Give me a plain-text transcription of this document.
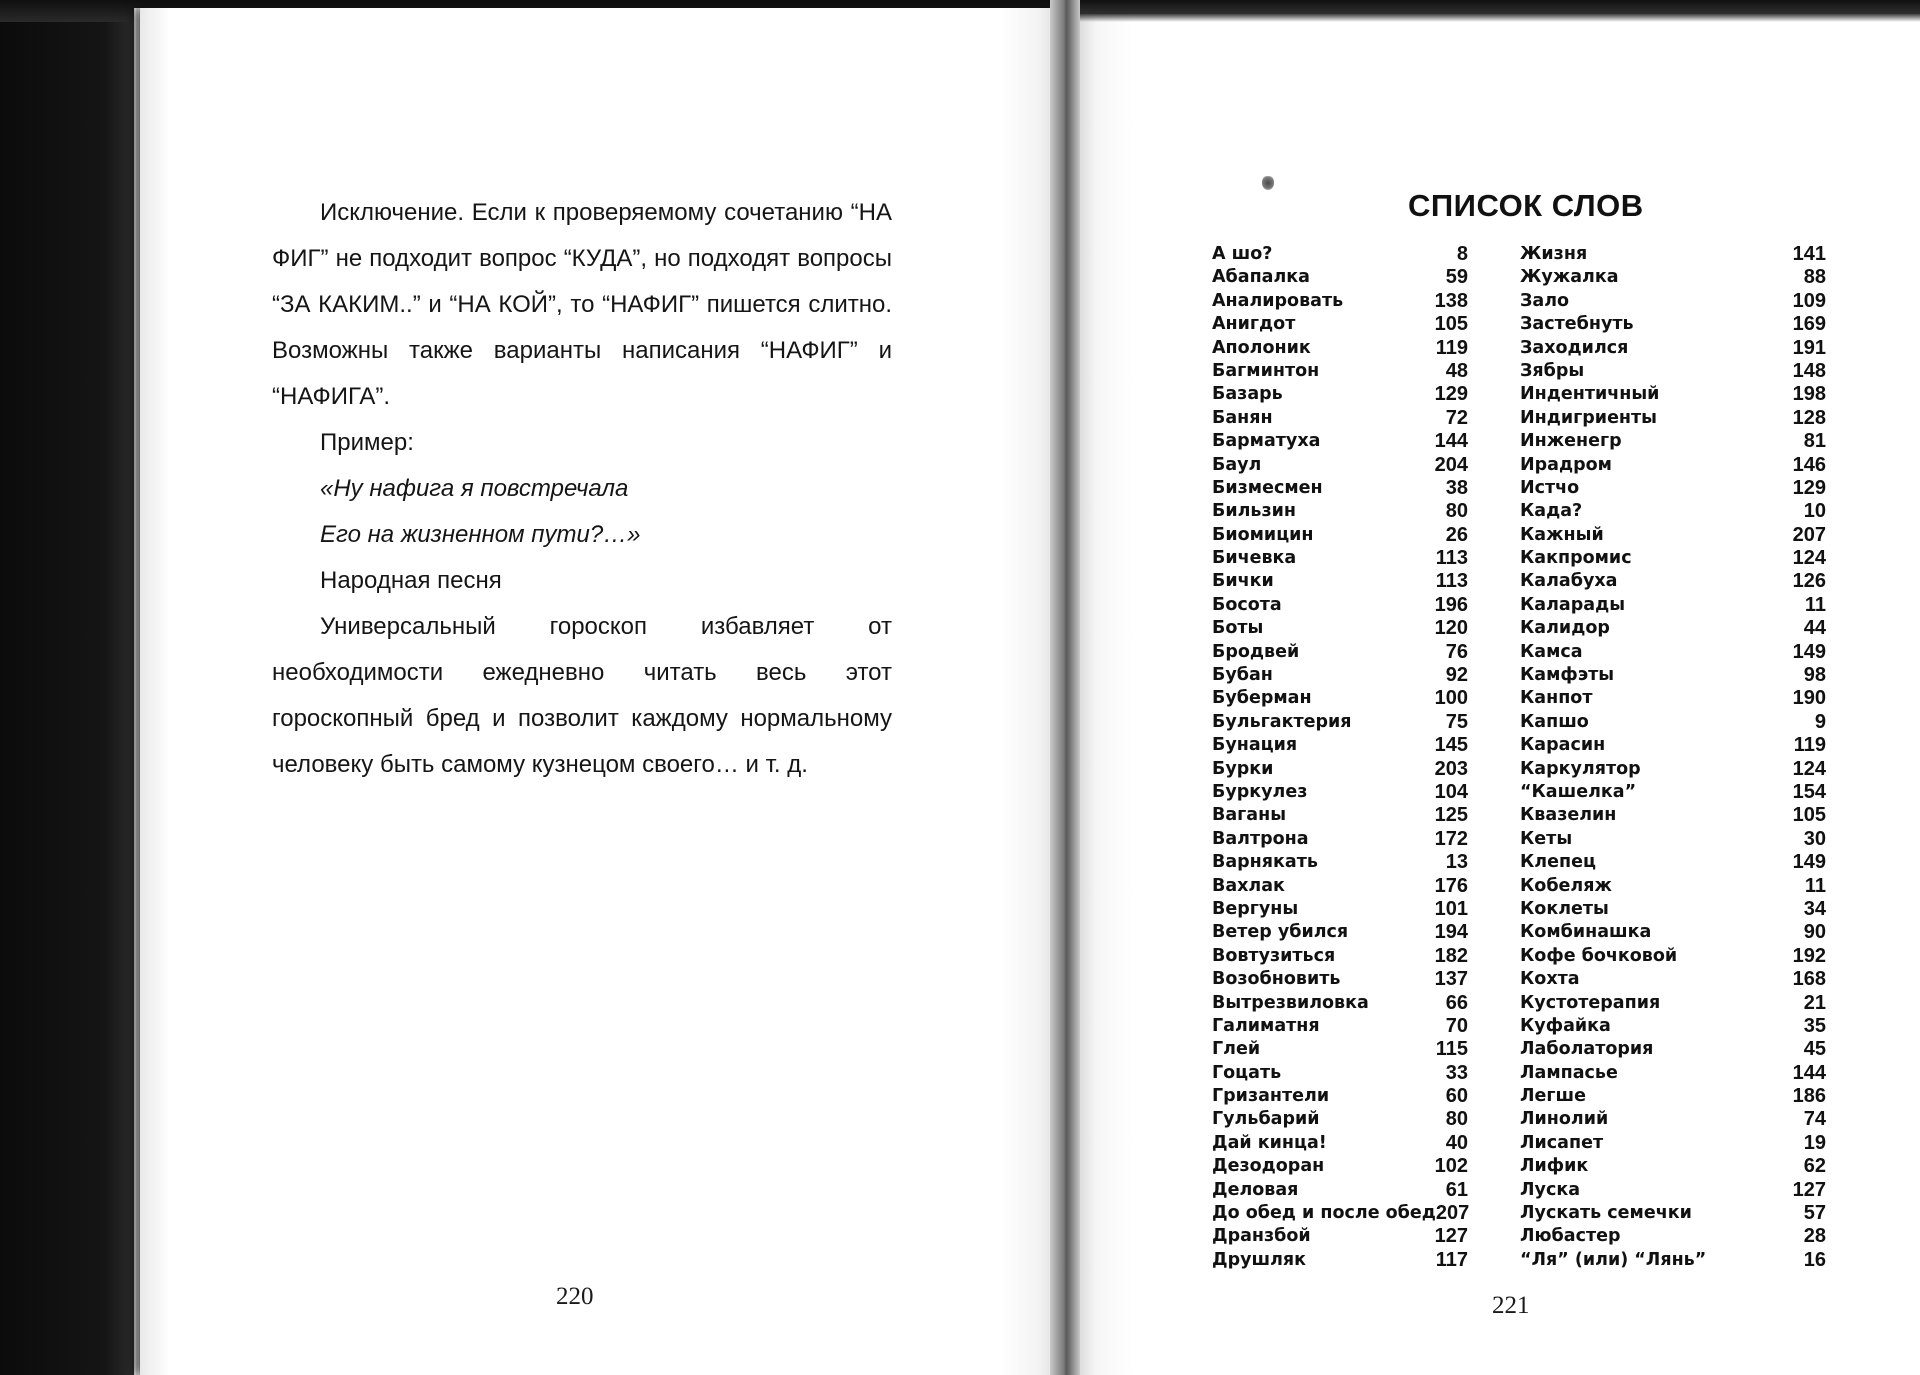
Исключение. Если к проверяемому сочетанию “НА ФИГ” не подходит вопрос “КУДА”, но подходят вопросы “ЗА КАКИМ..” и “НА КОЙ”, то “НАФИГ” пишется слитно. Возможны также варианты написания “НАФИГ” и “НАФИГА”.

Пример:

«Ну нафига я повстречала

Его на жизненном пути?…»

Народная песня

Универсальный гороскоп избавляет от необходимости ежедневно читать весь этот гороскопный бред и позволит каждому нормальному человеку быть самому кузнецом своего… и т. д.

220
СПИСОК СЛОВ
А шо?	8
Абапалка	59
Аналировать	138
Анигдот	105
Аполоник	119
Багминтон	48
Базарь	129
Банян	72
Барматуха	144
Баул	204
Бизмесмен	38
Бильзин	80
Биомицин	26
Бичевка	113
Бички	113
Босота	196
Боты	120
Бродвей	76
Бубан	92
Буберман	100
Бульгактерия	75
Бунация	145
Бурки	203
Буркулез	104
Ваганы	125
Валтрона	172
Варнякать	13
Вахлак	176
Вергуны	101
Ветер убился	194
Вовтузиться	182
Возобновить	137
Вытрезвиловка	66
Галиматня	70
Глей	115
Гоцать	33
Гризантели	60
Гульбарий	80
Дай кинца!	40
Дезодоран	102
Деловая	61
До обед и после обед 207
Дранзбой	127
Друшляк	117
Жизня	141
Жужалка	88
Зало	109
Застебнуть	169
Заходился	191
Зябры	148
Индентичный	198
Индигриенты	128
Инженегр	81
Ирадром	146
Истчо	129
Када?	10
Кажный	207
Какпромис	124
Калабуха	126
Каларады	11
Калидор	44
Камса	149
Камфэты	98
Канпот	190
Капшо	9
Карасин	119
Каркулятор	124
“Кашелка”	154
Квазелин	105
Кеты	30
Клепец	149
Кобеляж	11
Коклеты	34
Комбинашка	90
Кофе бочковой	192
Кохта	168
Кустотерапия	21
Куфайка	35
Лаболатория	45
Лампасье	144
Легше	186
Линолий	74
Лисапет	19
Лифик	62
Луска	127
Лускать семечки	57
Любастер	28
“Ля” (или) “Лянь”	16
221
